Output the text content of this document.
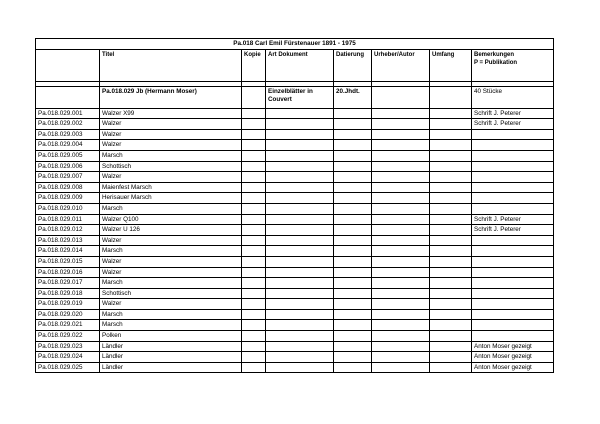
Pa.018 Carl Emil Fürstenauer 1891 - 1975							
	Titel	Kopie	Art Dokument	Datierung	Urheber/Autor	Umfang	Bemerkungen
P = Publikation

	Pa.018.029 Jb (Hermann Moser)		Einzelblätter in
Couvert	20.Jhdt.			40 Stücke
Pa.018.029.001	Walzer X99						Schrift J. Peterer
Pa.018.029.002	Walzer						Schrift J. Peterer
Pa.018.029.003	Walzer						
Pa.018.029.004	Walzer						
Pa.018.029.005	Marsch						
Pa.018.029.006	Schottisch						
Pa.018.029.007	Walzer						
Pa.018.029.008	Maienfest Marsch						
Pa.018.029.009	Herisauer Marsch						
Pa.018.029.010	Marsch						
Pa.018.029.011	Walzer Q100						Schrift J. Peterer
Pa.018.029.012	Walzer U 126						Schrift J. Peterer
Pa.018.029.013	Walzer						
Pa.018.029.014	Marsch						
Pa.018.029.015	Walzer						
Pa.018.029.016	Walzer						
Pa.018.029.017	Marsch						
Pa.018.029.018	Schottisch						
Pa.018.029.019	Walzer						
Pa.018.029.020	Marsch						
Pa.018.029.021	Marsch						
Pa.018.029.022	Polken						
Pa.018.029.023	Ländler						Anton Moser gezeigt
Pa.018.029.024	Ländler						Anton Moser gezeigt
Pa.018.029.025	Ländler						Anton Moser gezeigt
